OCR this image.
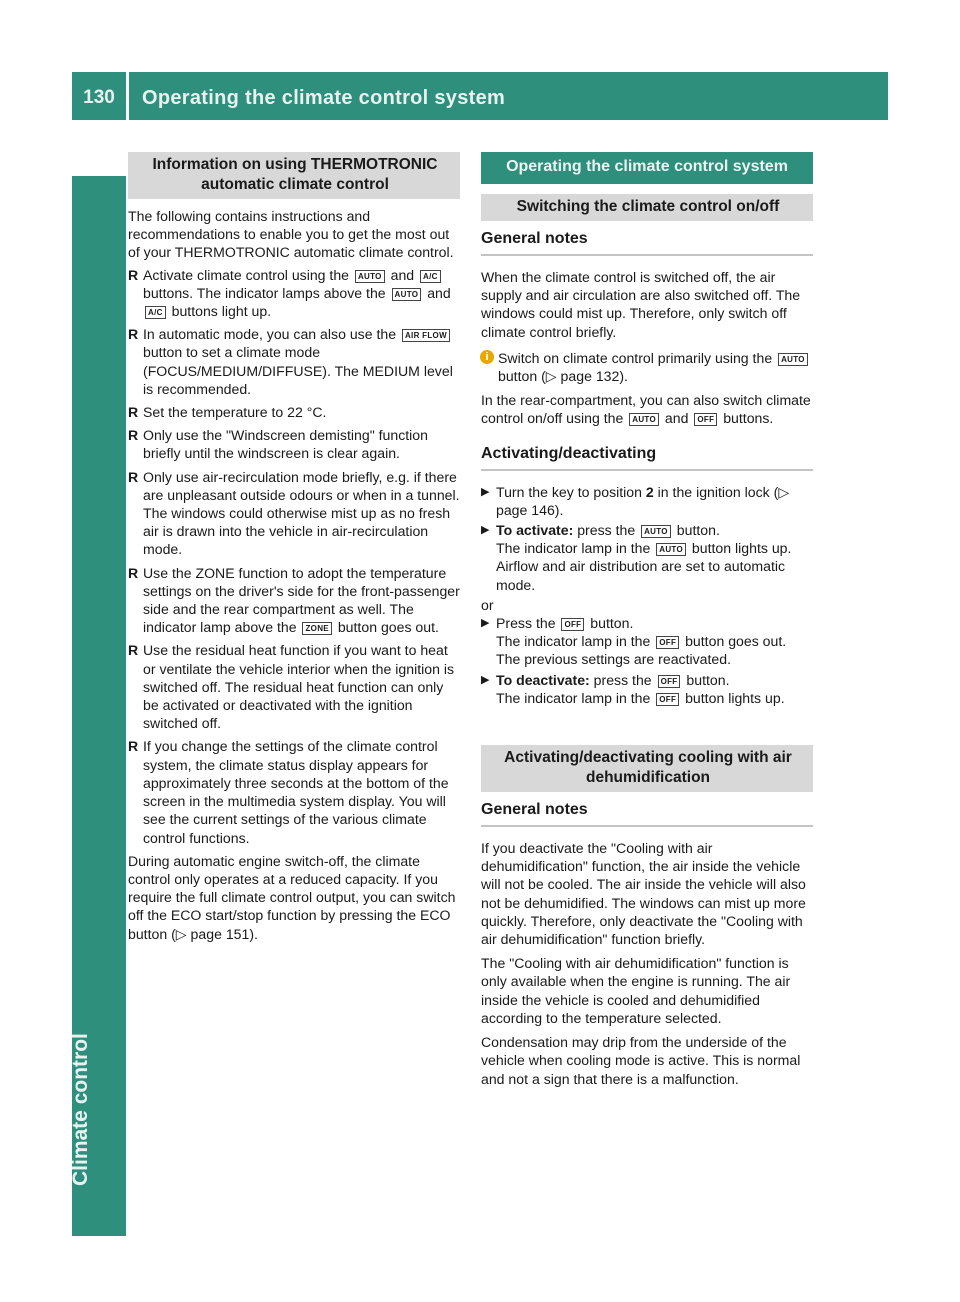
130	Operating the climate control system
Climate control
Information on using THERMOTRONIC automatic climate control

The following contains instructions and recommendations to enable you to get the most out of your THERMOTRONIC automatic climate control.

R Activate climate control using the AUTO and A/C buttons. The indicator lamps above the AUTO and A/C buttons light up.
R In automatic mode, you can also use the AIR FLOW button to set a climate mode (FOCUS/MEDIUM/DIFFUSE). The MEDIUM level is recommended.
R Set the temperature to 22 °C.
R Only use the "Windscreen demisting" function briefly until the windscreen is clear again.
R Only use air-recirculation mode briefly, e.g. if there are unpleasant outside odours or when in a tunnel. The windows could otherwise mist up as no fresh air is drawn into the vehicle in air-recirculation mode.
R Use the ZONE function to adopt the temperature settings on the driver's side for the front-passenger side and the rear compartment as well. The indicator lamp above the ZONE button goes out.
R Use the residual heat function if you want to heat or ventilate the vehicle interior when the ignition is switched off. The residual heat function can only be activated or deactivated with the ignition switched off.
R If you change the settings of the climate control system, the climate status display appears for approximately three seconds at the bottom of the screen in the multimedia system display. You will see the current settings of the various climate control functions.

During automatic engine switch-off, the climate control only operates at a reduced capacity. If you require the full climate control output, you can switch off the ECO start/stop function by pressing the ECO button (▷ page 151).

Operating the climate control system
Switching the climate control on/off
General notes

When the climate control is switched off, the air supply and air circulation are also switched off. The windows could mist up. Therefore, only switch off climate control briefly.

i Switch on climate control primarily using the AUTO button (▷ page 132).

In the rear-compartment, you can also switch climate control on/off using the AUTO and OFF buttons.

Activating/deactivating
▶ Turn the key to position 2 in the ignition lock (▷ page 146).
▶ To activate: press the AUTO button.
The indicator lamp in the AUTO button lights up. Airflow and air distribution are set to automatic mode.

or

▶ Press the OFF button.
The indicator lamp in the OFF button goes out. The previous settings are reactivated.
▶ To deactivate: press the OFF button.
The indicator lamp in the OFF button lights up.
Activating/deactivating cooling with air dehumidification
General notes

If you deactivate the "Cooling with air dehumidification" function, the air inside the vehicle will not be cooled. The air inside the vehicle will also not be dehumidified. The windows can mist up more quickly. Therefore, only deactivate the "Cooling with air dehumidification" function briefly.

The "Cooling with air dehumidification" function is only available when the engine is running. The air inside the vehicle is cooled and dehumidified according to the temperature selected.

Condensation may drip from the underside of the vehicle when cooling mode is active. This is normal and not a sign that there is a malfunction.
